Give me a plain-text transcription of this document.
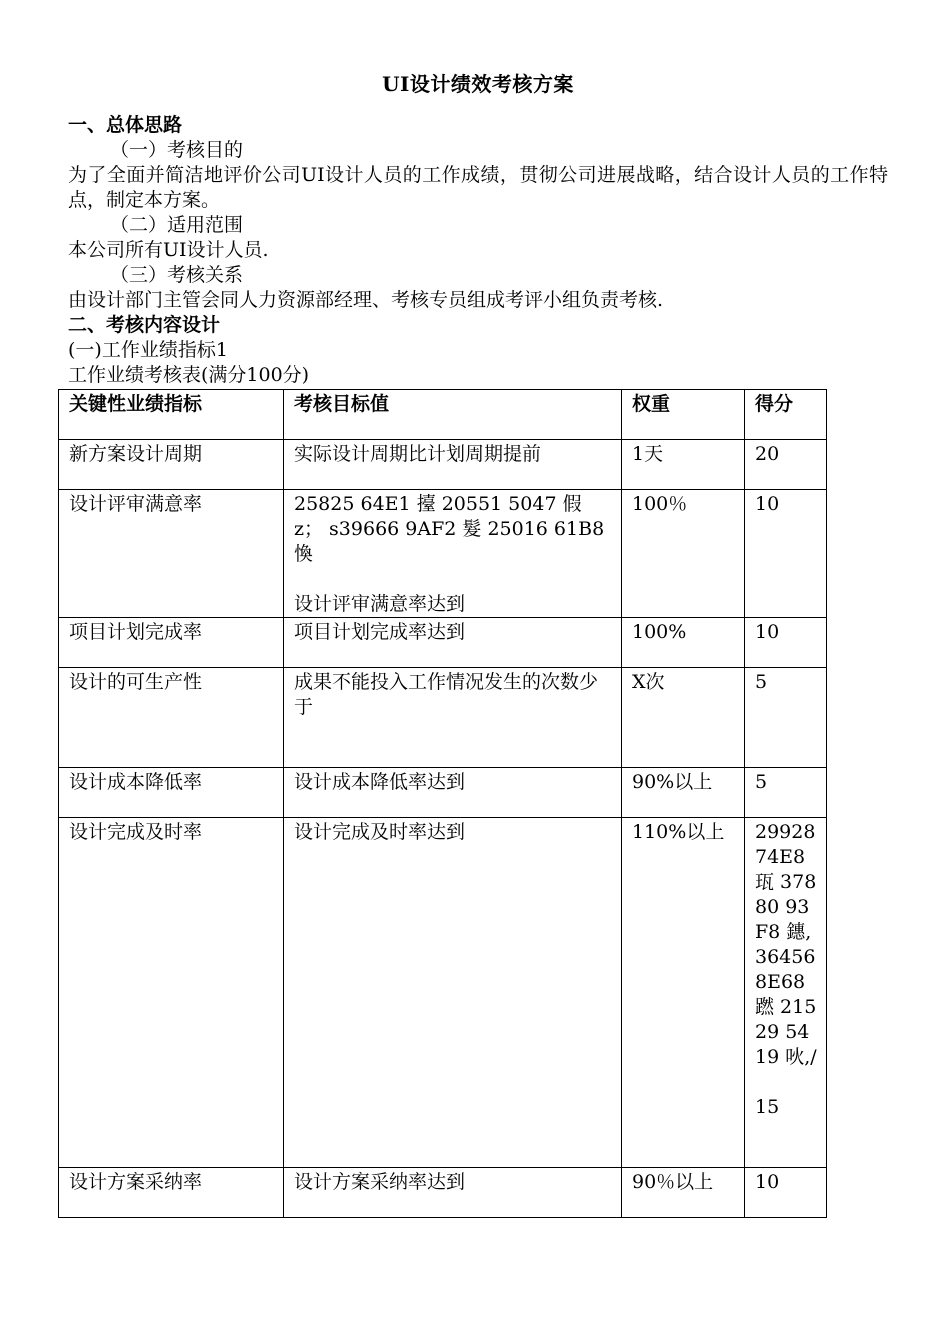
UI设计绩效考核方案

一、总体思路

（一）考核目的

为了全面并简洁地评价公司UI设计人员的工作成绩，贯彻公司进展战略，结合设计人员的工作特点，制定本方案。

（二）适用范围

本公司所有UI设计人员.

（三）考核关系

由设计部门主管会同人力资源部经理、考核专员组成考评小组负责考核.

二、考核内容设计

(一)工作业绩指标1

工作业绩考核表(满分100分)

关键性业绩指标	考核目标值	权重	得分
新方案设计周期	实际设计周期比计划周期提前	1天	20
设计评审满意率	25825 64E1 擡 20551 5047 假 z； s39666 9AF2 髮 25016 61B8 愌

设计评审满意率达到	100％	10
项目计划完成率	项目计划完成率达到	100%	10
设计的可生产性	成果不能投入工作情况发生的次数少于	X次	5
设计成本降低率	设计成本降低率达到	90%以上	5
设计完成及时率	设计完成及时率达到	110%以上	29928 74E8 珁 37880 93F8 鏸,36456 8E68 蹨 21529 5419 吙,/

15
设计方案采纳率	设计方案采纳率达到	90％以上	10
